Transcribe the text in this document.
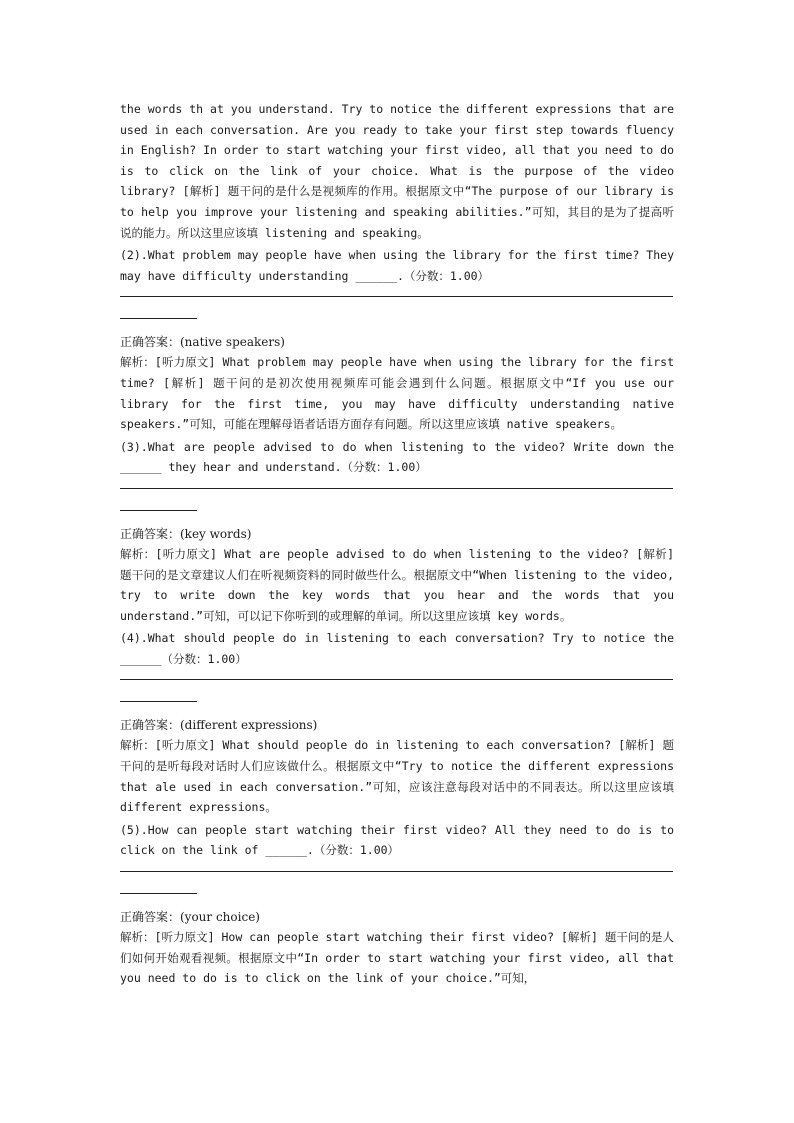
the words th at you understand. Try to notice the different expressions that are used in each conversation. Are you ready to take your first step towards fluency in English? In order to start watching your first video, all that you need to do is to click on the link of your choice. What is the purpose of the video library? [解析] 题干问的是什么是视频库的作用。根据原文中“The purpose of our library is to help you improve your listening and speaking abilities.”可知，其目的是为了提高听说的能力。所以这里应该填 listening and speaking。

(2).What problem may people have when using the library for the first time? They may have difficulty understanding ______.（分数：1.00）

正确答案：(native speakers)

解析：[听力原文] What problem may people have when using the library for the first time? [解析] 题干问的是初次使用视频库可能会遇到什么问题。根据原文中“If you use our library for the first time, you may have difficulty understanding native speakers.”可知，可能在理解母语者话语方面存有问题。所以这里应该填 native speakers。

(3).What are people advised to do when listening to the video? Write down the ______ they hear and understand.（分数：1.00）

正确答案：(key words)

解析：[听力原文] What are people advised to do when listening to the video? [解析]　　　题干问的是文章建议人们在听视频资料的同时做些什么。根据原文中“When listening to the video, try to write down the key words that you hear and the words that you understand.”可知，可以记下你听到的或理解的单词。所以这里应该填 key words。

(4).What should people do in listening to each conversation? Try to notice the ______（分数：1.00）

正确答案：(different expressions)

解析：[听力原文] What should people do in listening to each conversation? [解析] 题干问的是听每段对话时人们应该做什么。根据原文中“Try to notice the different expressions that ale used in each conversation.”可知，应该注意每段对话中的不同表达。所以这里应该填 different expressions。

(5).How can people start watching their first video? All they need to do is to click on the link of ______.（分数：1.00）

正确答案：(your choice)

解析：[听力原文] How can people start watching their first video? [解析] 题干问的是人们如何开始观看视频。根据原文中“In order to start watching your first video, all that you need to do is to click on the link of your choice.”可知，
